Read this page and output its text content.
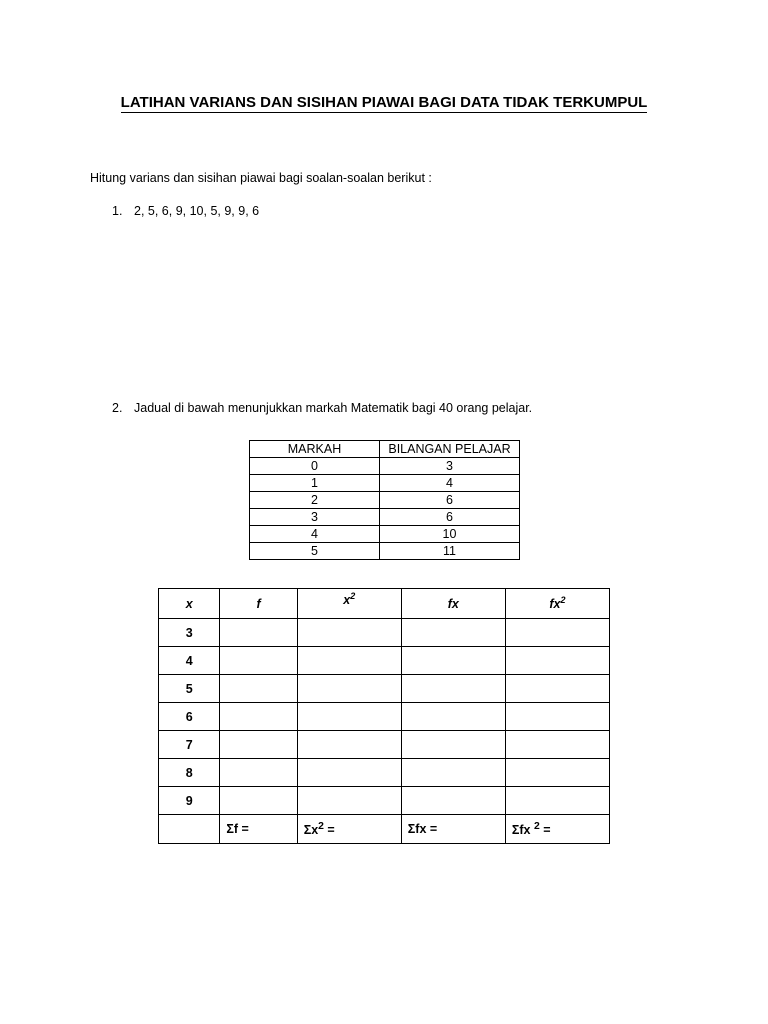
LATIHAN VARIANS DAN SISIHAN PIAWAI BAGI DATA TIDAK TERKUMPUL
Hitung varians dan sisihan piawai bagi soalan-soalan berikut :
1. 2, 5, 6, 9, 10, 5, 9, 9, 6
2. Jadual di bawah menunjukkan markah Matematik bagi 40 orang pelajar.
MARKAH	BILANGAN PELAJAR
0	3
1	4
2	6
3	6
4	10
5	11
x	f	$x^2$	fx	$fx^2$
3				
4				
5				
6				
7				
8				
9				
	Σf =	$\Sigma x^2$ =	Σfx =	Σfx $^2$ =
